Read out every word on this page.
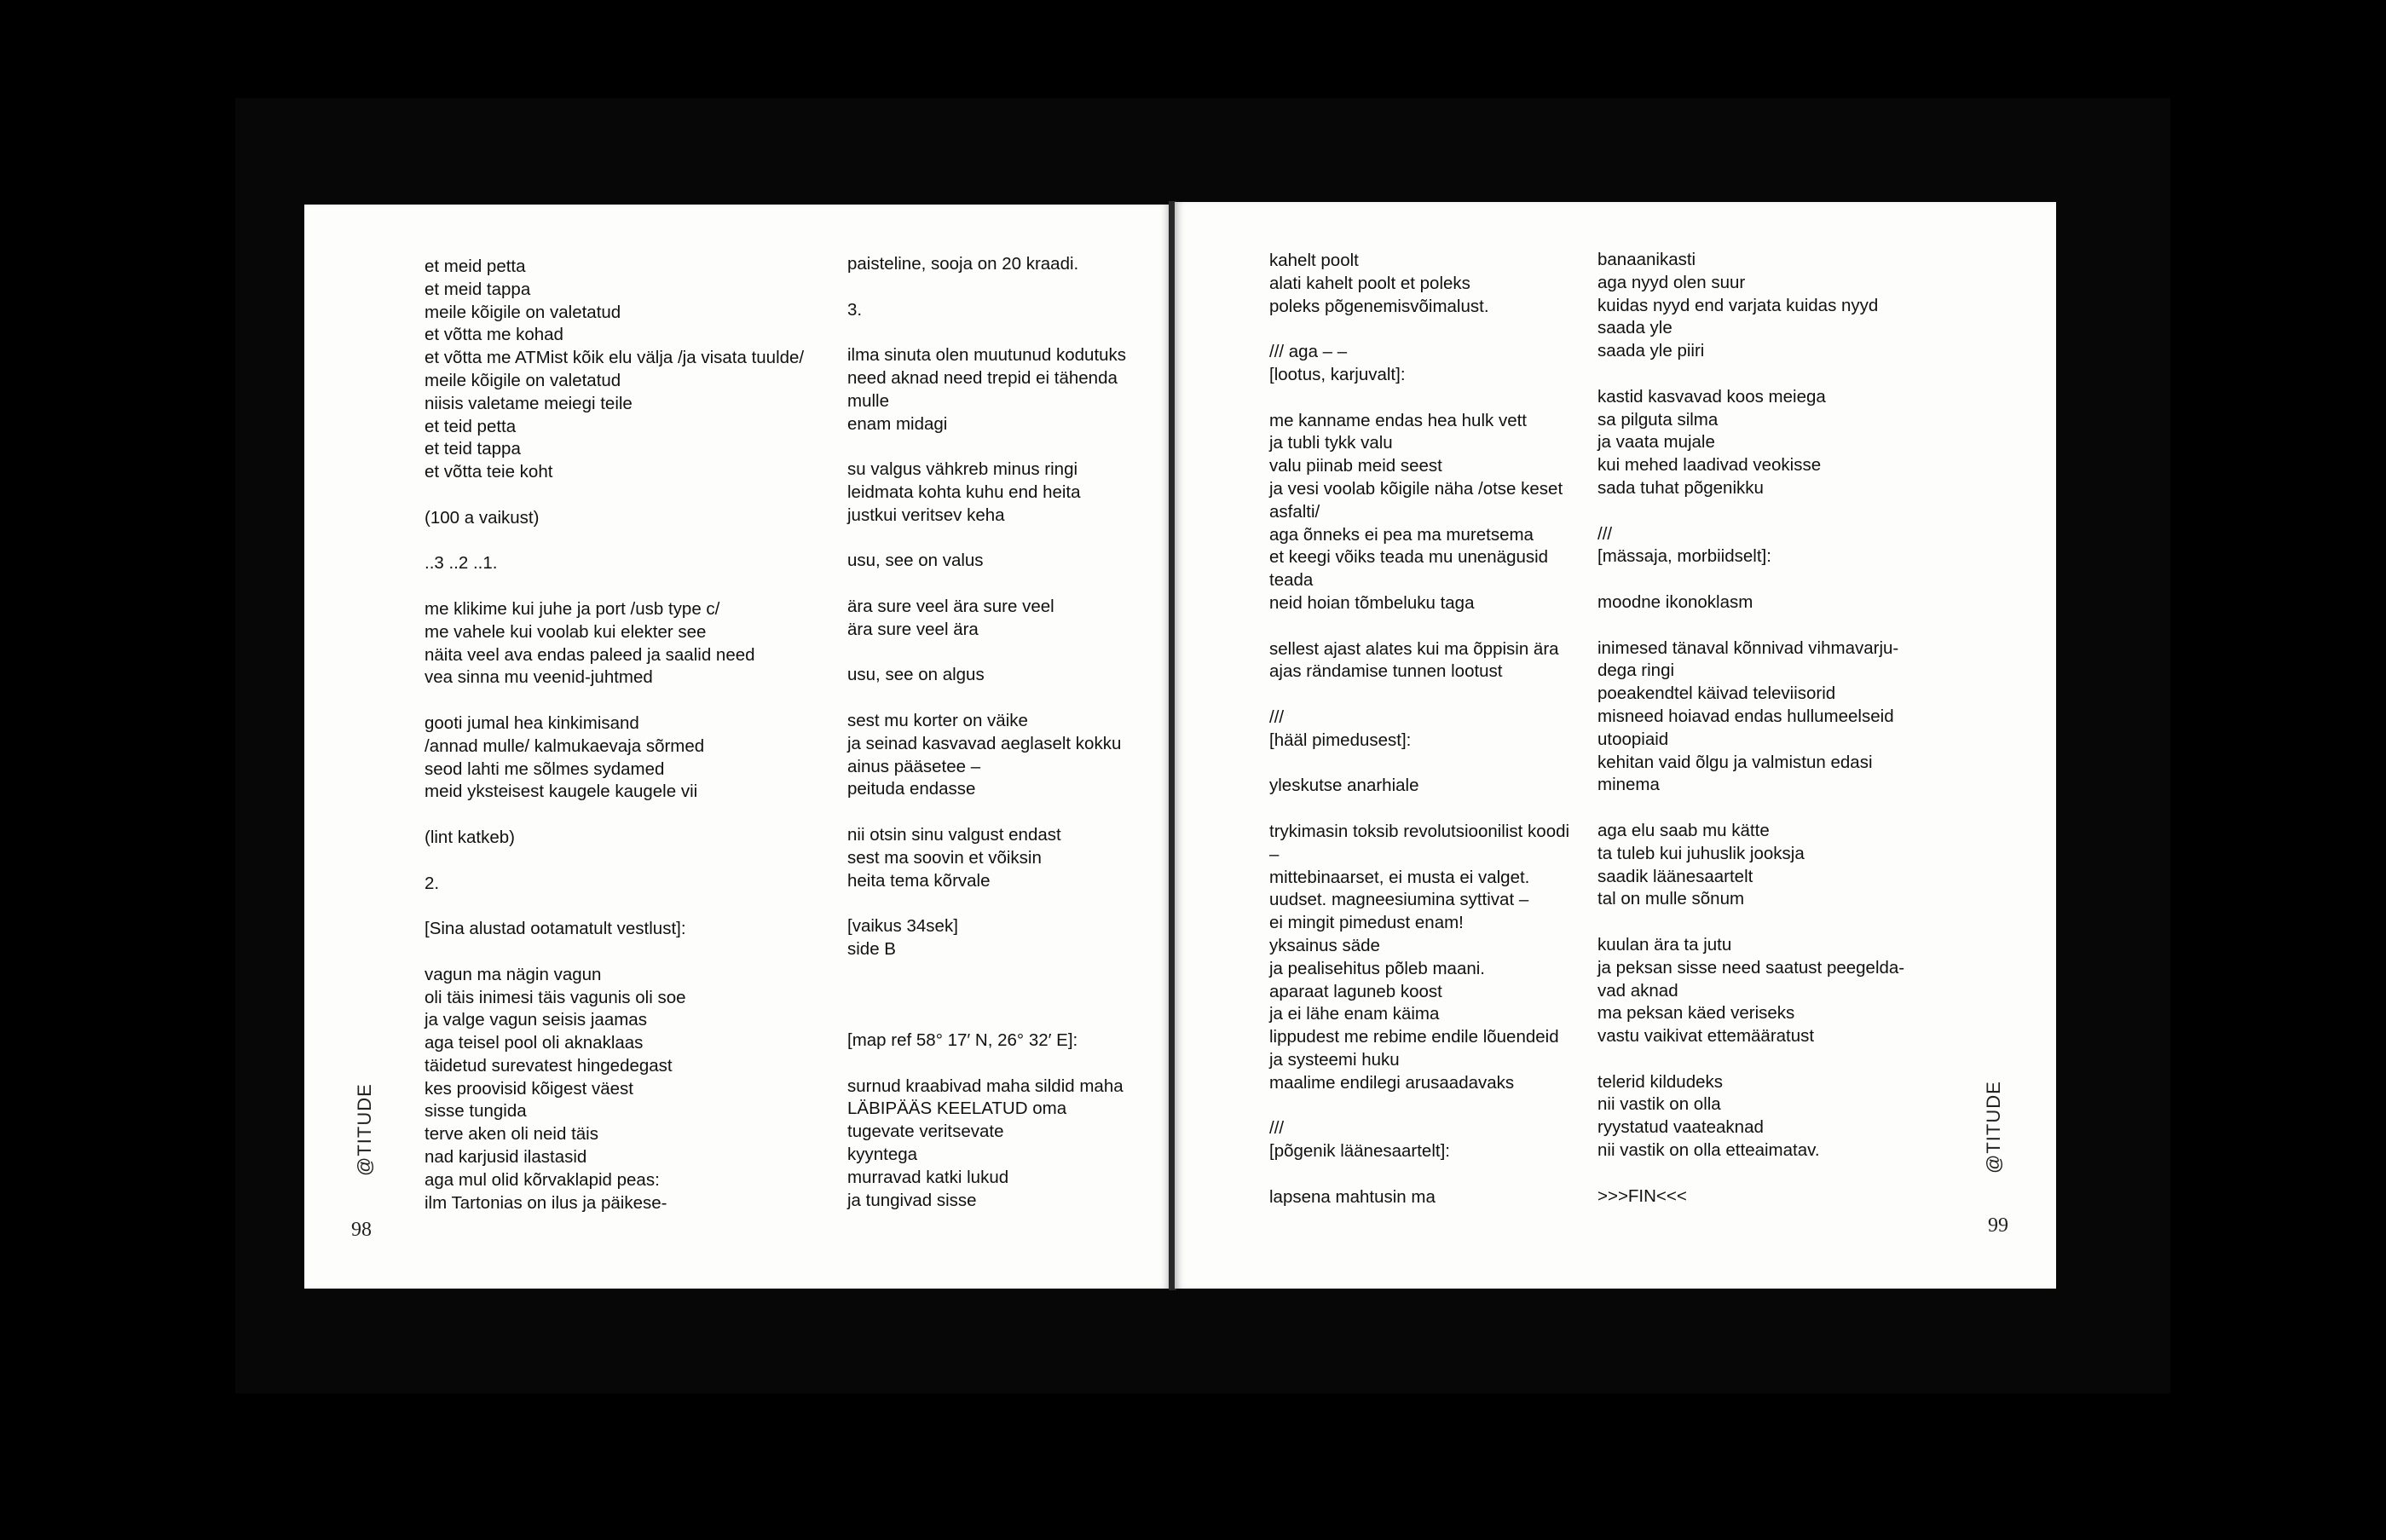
et meid petta
et meid tappa
meile kõigile on valetatud
et võtta me kohad
et võtta me ATMist kõik elu välja /ja visata tuulde/
meile kõigile on valetatud
niisis valetame meiegi teile
et teid petta
et teid tappa
et võtta teie koht
(100 a vaikust)
..3 ..2 ..1.
me klikime kui juhe ja port /usb type c/
me vahele kui voolab kui elekter see
näita veel ava endas paleed ja saalid need
vea sinna mu veenid-juhtmed
gooti jumal hea kinkimisand
/annad mulle/ kalmukaevaja sõrmed
seod lahti me sõlmes sydamed
meid yksteisest kaugele kaugele vii
(lint katkeb)
2.
[Sina alustad ootamatult vestlust]:
vagun ma nägin vagun
oli täis inimesi täis vagunis oli soe
ja valge vagun seisis jaamas
aga teisel pool oli aknaklaas
täidetud surevatest hingedegast
kes proovisid kõigest väest
sisse tungida
terve aken oli neid täis
nad karjusid ilastasid
aga mul olid kõrvaklapid peas:
ilm Tartonias on ilus ja päikese-
paisteline, sooja on 20 kraadi.
3.
ilma sinuta olen muutunud kodutuks
need aknad need trepid ei tähenda
mulle
enam midagi
su valgus vähkreb minus ringi
leidmata kohta kuhu end heita
justkui veritsev keha
usu, see on valus
ära sure veel ära sure veel
ära sure veel ära
usu, see on algus
sest mu korter on väike
ja seinad kasvavad aeglaselt kokku
ainus pääsetee –
peituda endasse
nii otsin sinu valgust endast
sest ma soovin et võiksin
heita tema kõrvale
[vaikus 34sek]
side B
[map ref 58° 17′ N, 26° 32′ E]:
surnud kraabivad maha sildid maha
LÄBIPÄÄS KEELATUD oma
tugevate veritsevate
kyyntega
murravad katki lukud
ja tungivad sisse
@TITUDE
98
kahelt poolt
alati kahelt poolt et poleks
poleks põgenemisvõimalust.
/// aga – –
[lootus, karjuvalt]:
me kanname endas hea hulk vett
ja tubli tykk valu
valu piinab meid seest
ja vesi voolab kõigile näha /otse keset
asfalti/
aga õnneks ei pea ma muretsema
et keegi võiks teada mu unenägusid
teada
neid hoian tõmbeluku taga
sellest ajast alates kui ma õppisin ära
ajas rändamise tunnen lootust
///
[hääl pimedusest]:
yleskutse anarhiale
trykimasin toksib revolutsioonilist koodi
–
mittebinaarset, ei musta ei valget.
uudset. magneesiumina syttivat –
ei mingit pimedust enam!
yksainus säde
ja pealisehitus põleb maani.
aparaat laguneb koost
ja ei lähe enam käima
lippudest me rebime endile lõuendeid
ja systeemi huku
maalime endilegi arusaadavaks
///
[põgenik läänesaartelt]:
lapsena mahtusin ma
banaanikasti
aga nyyd olen suur
kuidas nyyd end varjata kuidas nyyd
saada yle
saada yle piiri
kastid kasvavad koos meiega
sa pilguta silma
ja vaata mujale
kui mehed laadivad veokisse
sada tuhat põgenikku
///
[mässaja, morbiidselt]:
moodne ikonoklasm
inimesed tänaval kõnnivad vihmavarju-
dega ringi
poeakendtel käivad televiisorid
misneed hoiavad endas hullumeelseid
utoopiaid
kehitan vaid õlgu ja valmistun edasi
minema
aga elu saab mu kätte
ta tuleb kui juhuslik jooksja
saadik läänesaartelt
tal on mulle sõnum
kuulan ära ta jutu
ja peksan sisse need saatust peegelda-
vad aknad
ma peksan käed veriseks
vastu vaikivat ettemääratust
telerid kildudeks
nii vastik on olla
ryystatud vaateaknad
nii vastik on olla etteaimatav.
>>>FIN<<<
@TITUDE
99
